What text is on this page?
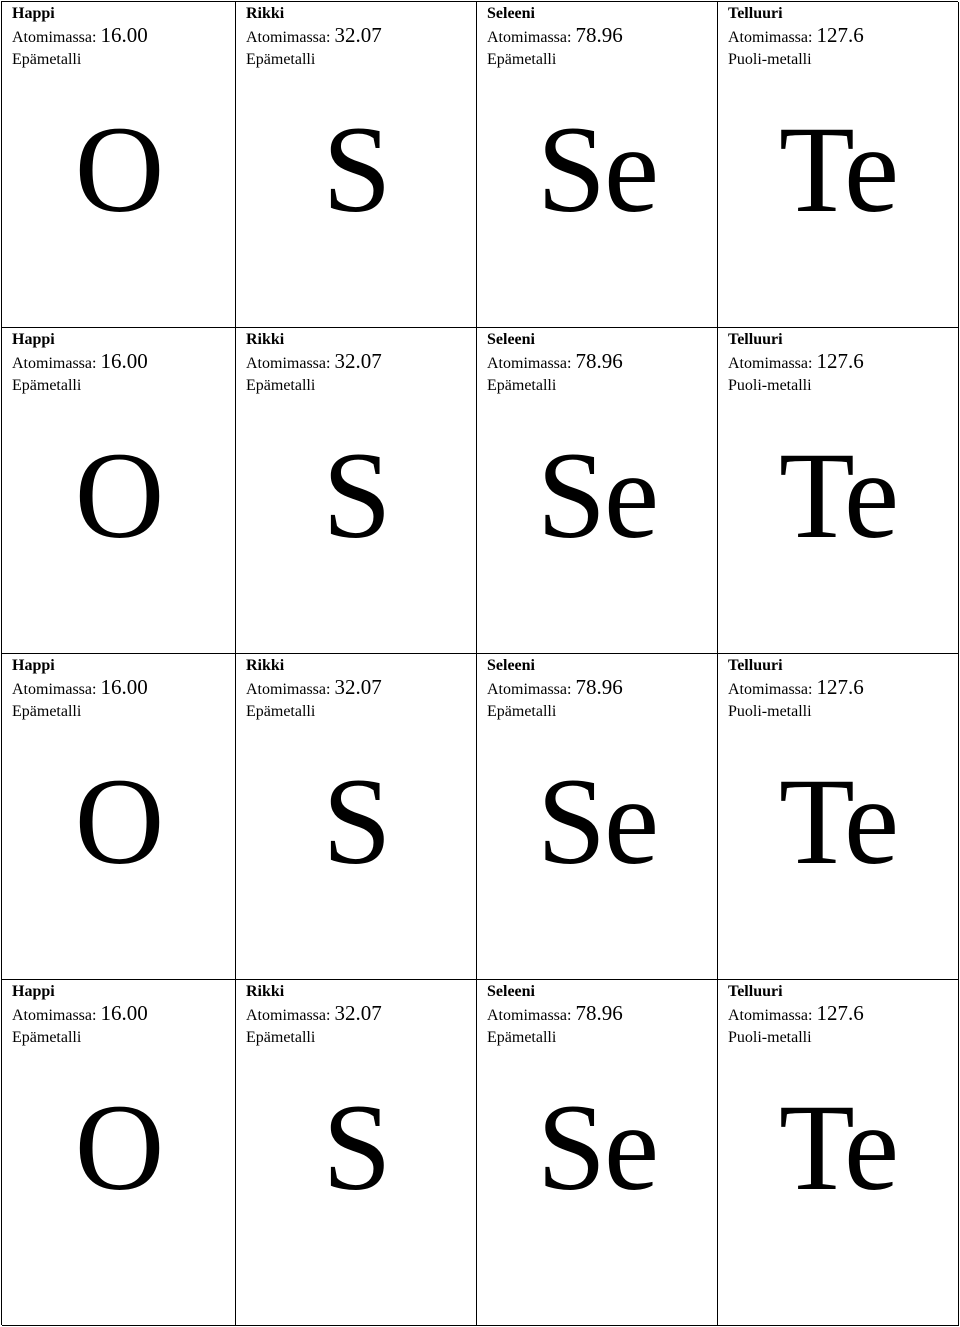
Happi
Atomimassa: 16.00
Epämetalli
O
Rikki
Atomimassa: 32.07
Epämetalli
S
Seleeni
Atomimassa: 78.96
Epämetalli
Se
Telluuri
Atomimassa: 127.6
Puoli-metalli
Te
Happi
Atomimassa: 16.00
Epämetalli
O
Rikki
Atomimassa: 32.07
Epämetalli
S
Seleeni
Atomimassa: 78.96
Epämetalli
Se
Telluuri
Atomimassa: 127.6
Puoli-metalli
Te
Happi
Atomimassa: 16.00
Epämetalli
O
Rikki
Atomimassa: 32.07
Epämetalli
S
Seleeni
Atomimassa: 78.96
Epämetalli
Se
Telluuri
Atomimassa: 127.6
Puoli-metalli
Te
Happi
Atomimassa: 16.00
Epämetalli
O
Rikki
Atomimassa: 32.07
Epämetalli
S
Seleeni
Atomimassa: 78.96
Epämetalli
Se
Telluuri
Atomimassa: 127.6
Puoli-metalli
Te
